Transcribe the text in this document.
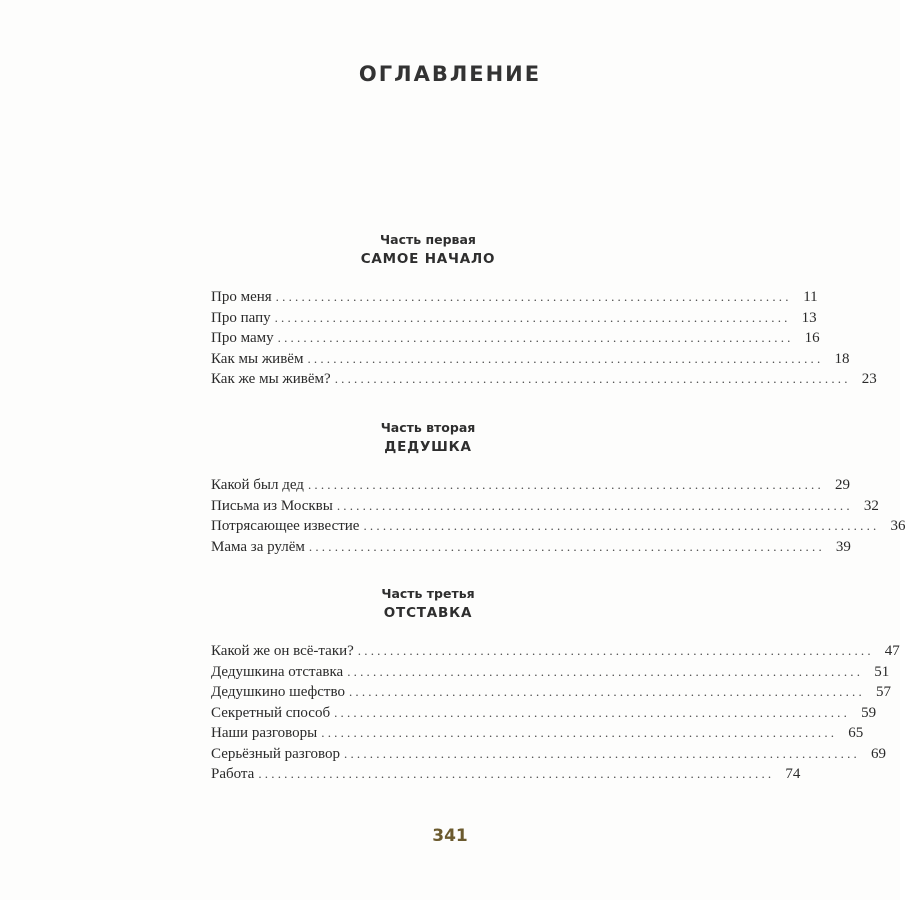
ОГЛАВЛЕНИЕ
Часть первая
САМОЕ НАЧАЛО
Про меня ................................................................................ 11
Про папу ................................................................................ 13
Про маму ................................................................................ 16
Как мы живём ................................................................................ 18
Как же мы живём? ................................................................................ 23
Часть вторая
ДЕДУШКА
Какой был дед ................................................................................ 29
Письма из Москвы ................................................................................ 32
Потрясающее известие ................................................................................ 36
Мама за рулём ................................................................................ 39
Часть третья
ОТСТАВКА
Какой же он всё-таки? ................................................................................ 47
Дедушкина отставка ................................................................................ 51
Дедушкино шефство ................................................................................ 57
Секретный способ ................................................................................ 59
Наши разговоры ................................................................................ 65
Серьёзный разговор ................................................................................ 69
Работа ................................................................................ 74
341
